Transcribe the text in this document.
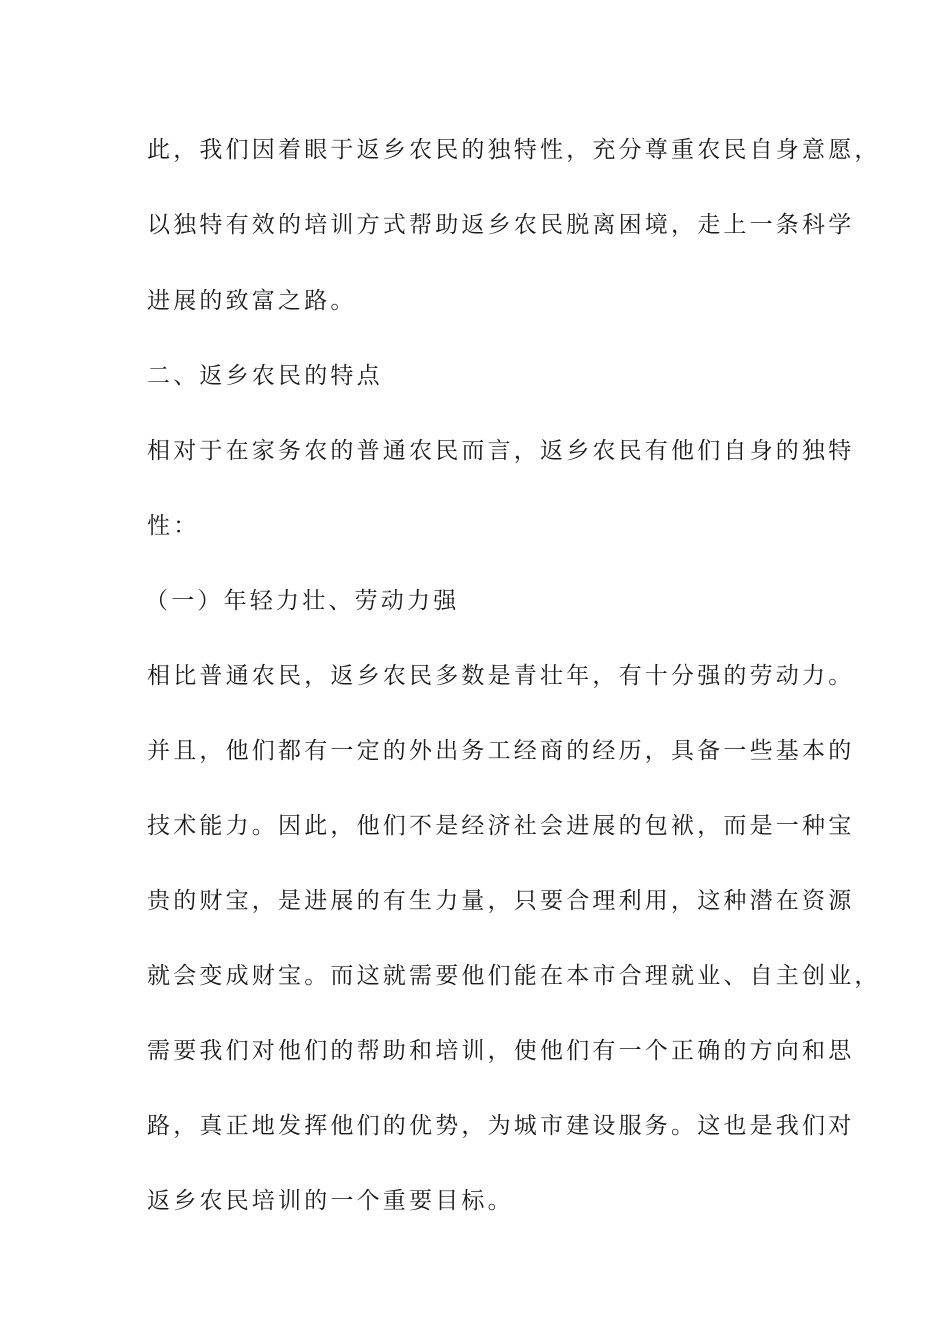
此，我们因着眼于返乡农民的独特性，充分尊重农民自身意愿，
以独特有效的培训方式帮助返乡农民脱离困境，走上一条科学
进展的致富之路。
二、返乡农民的特点
相对于在家务农的普通农民而言，返乡农民有他们自身的独特
性：
（一）年轻力壮、劳动力强
相比普通农民，返乡农民多数是青壮年，有十分强的劳动力。
并且，他们都有一定的外出务工经商的经历，具备一些基本的
技术能力。因此，他们不是经济社会进展的包袱，而是一种宝
贵的财宝，是进展的有生力量，只要合理利用，这种潜在资源
就会变成财宝。而这就需要他们能在本市合理就业、自主创业，
需要我们对他们的帮助和培训，使他们有一个正确的方向和思
路，真正地发挥他们的优势，为城市建设服务。这也是我们对
返乡农民培训的一个重要目标。
